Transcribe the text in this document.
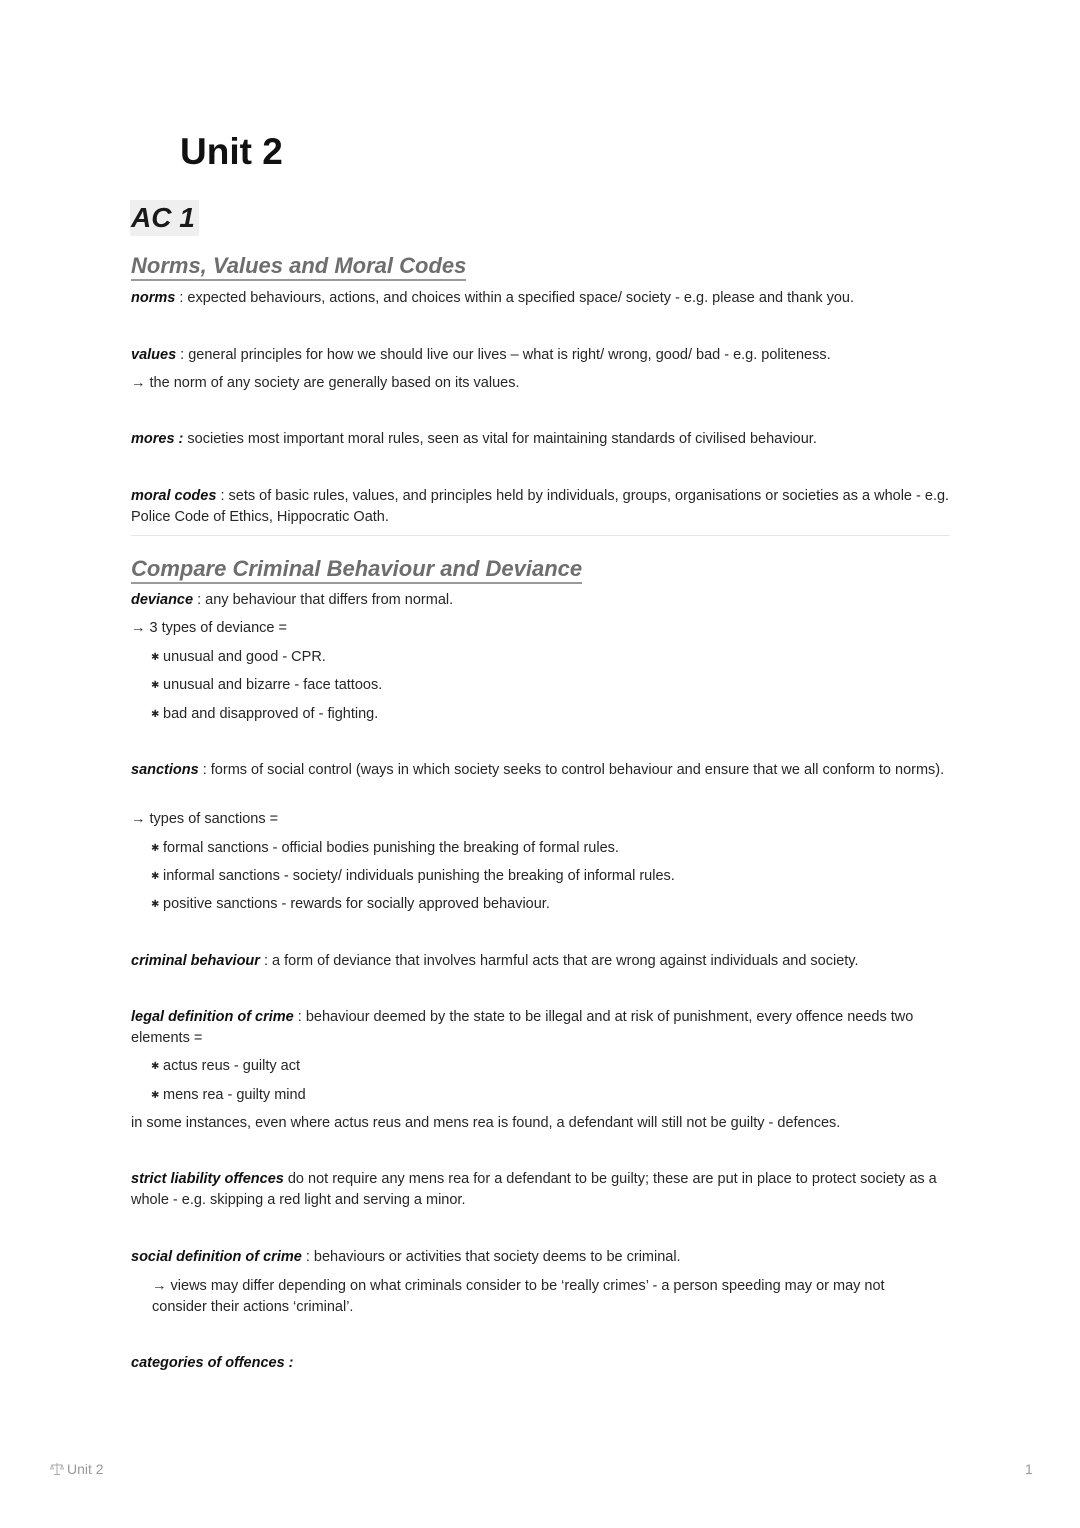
Unit 2
AC 1
Norms, Values and Moral Codes

norms : expected behaviours, actions, and choices within a specified space/ society - e.g. please and thank you.

values : general principles for how we should live our lives – what is right/ wrong, good/ bad - e.g. politeness.

→ the norm of any society are generally based on its values.

mores : societies most important moral rules, seen as vital for maintaining standards of civilised behaviour.

moral codes : sets of basic rules, values, and principles held by individuals, groups, organisations or societies as a whole - e.g. Police Code of Ethics, Hippocratic Oath.

Compare Criminal Behaviour and Deviance

deviance : any behaviour that differs from normal.

→ 3 types of deviance =

✱ unusual and good - CPR.

✱ unusual and bizarre - face tattoos.

✱ bad and disapproved of - fighting.

sanctions : forms of social control (ways in which society seeks to control behaviour and ensure that we all conform to norms).

→ types of sanctions =

✱ formal sanctions - official bodies punishing the breaking of formal rules.

✱ informal sanctions - society/ individuals punishing the breaking of informal rules.

✱ positive sanctions - rewards for socially approved behaviour.

criminal behaviour : a form of deviance that involves harmful acts that are wrong against individuals and society.

legal definition of crime : behaviour deemed by the state to be illegal and at risk of punishment, every offence needs two elements =

✱ actus reus - guilty act

✱ mens rea - guilty mind

in some instances, even where actus reus and mens rea is found, a defendant will still not be guilty - defences.

strict liability offences do not require any mens rea for a defendant to be guilty; these are put in place to protect society as a whole - e.g. skipping a red light and serving a minor.

social definition of crime : behaviours or activities that society deems to be criminal.

→ views may differ depending on what criminals consider to be ‘really crimes’ - a person speeding may or may not consider their actions ‘criminal’.

categories of offences :

Unit 2	1
